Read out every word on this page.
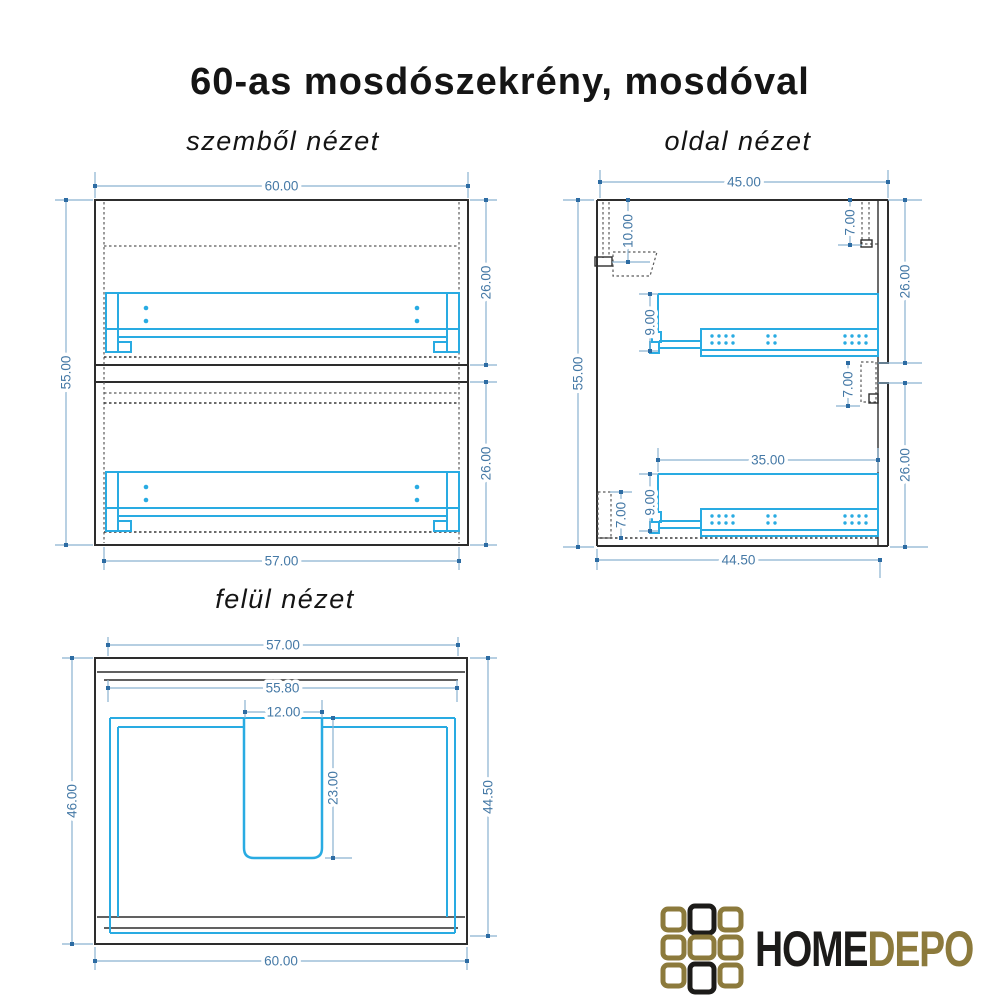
60-as mosdószekrény, mosdóval
szemből nézet	oldal nézet
felül nézet
60.00
55.00
26.00
26.00
57.00
45.00
10.00	7.00
26.00
55.00
9.00
7.00
35.00
9.00
7.00
26.00
44.50
57.00
55.80
12.00
23.00
46.00	44.50
60.00	HOMEDEPO
